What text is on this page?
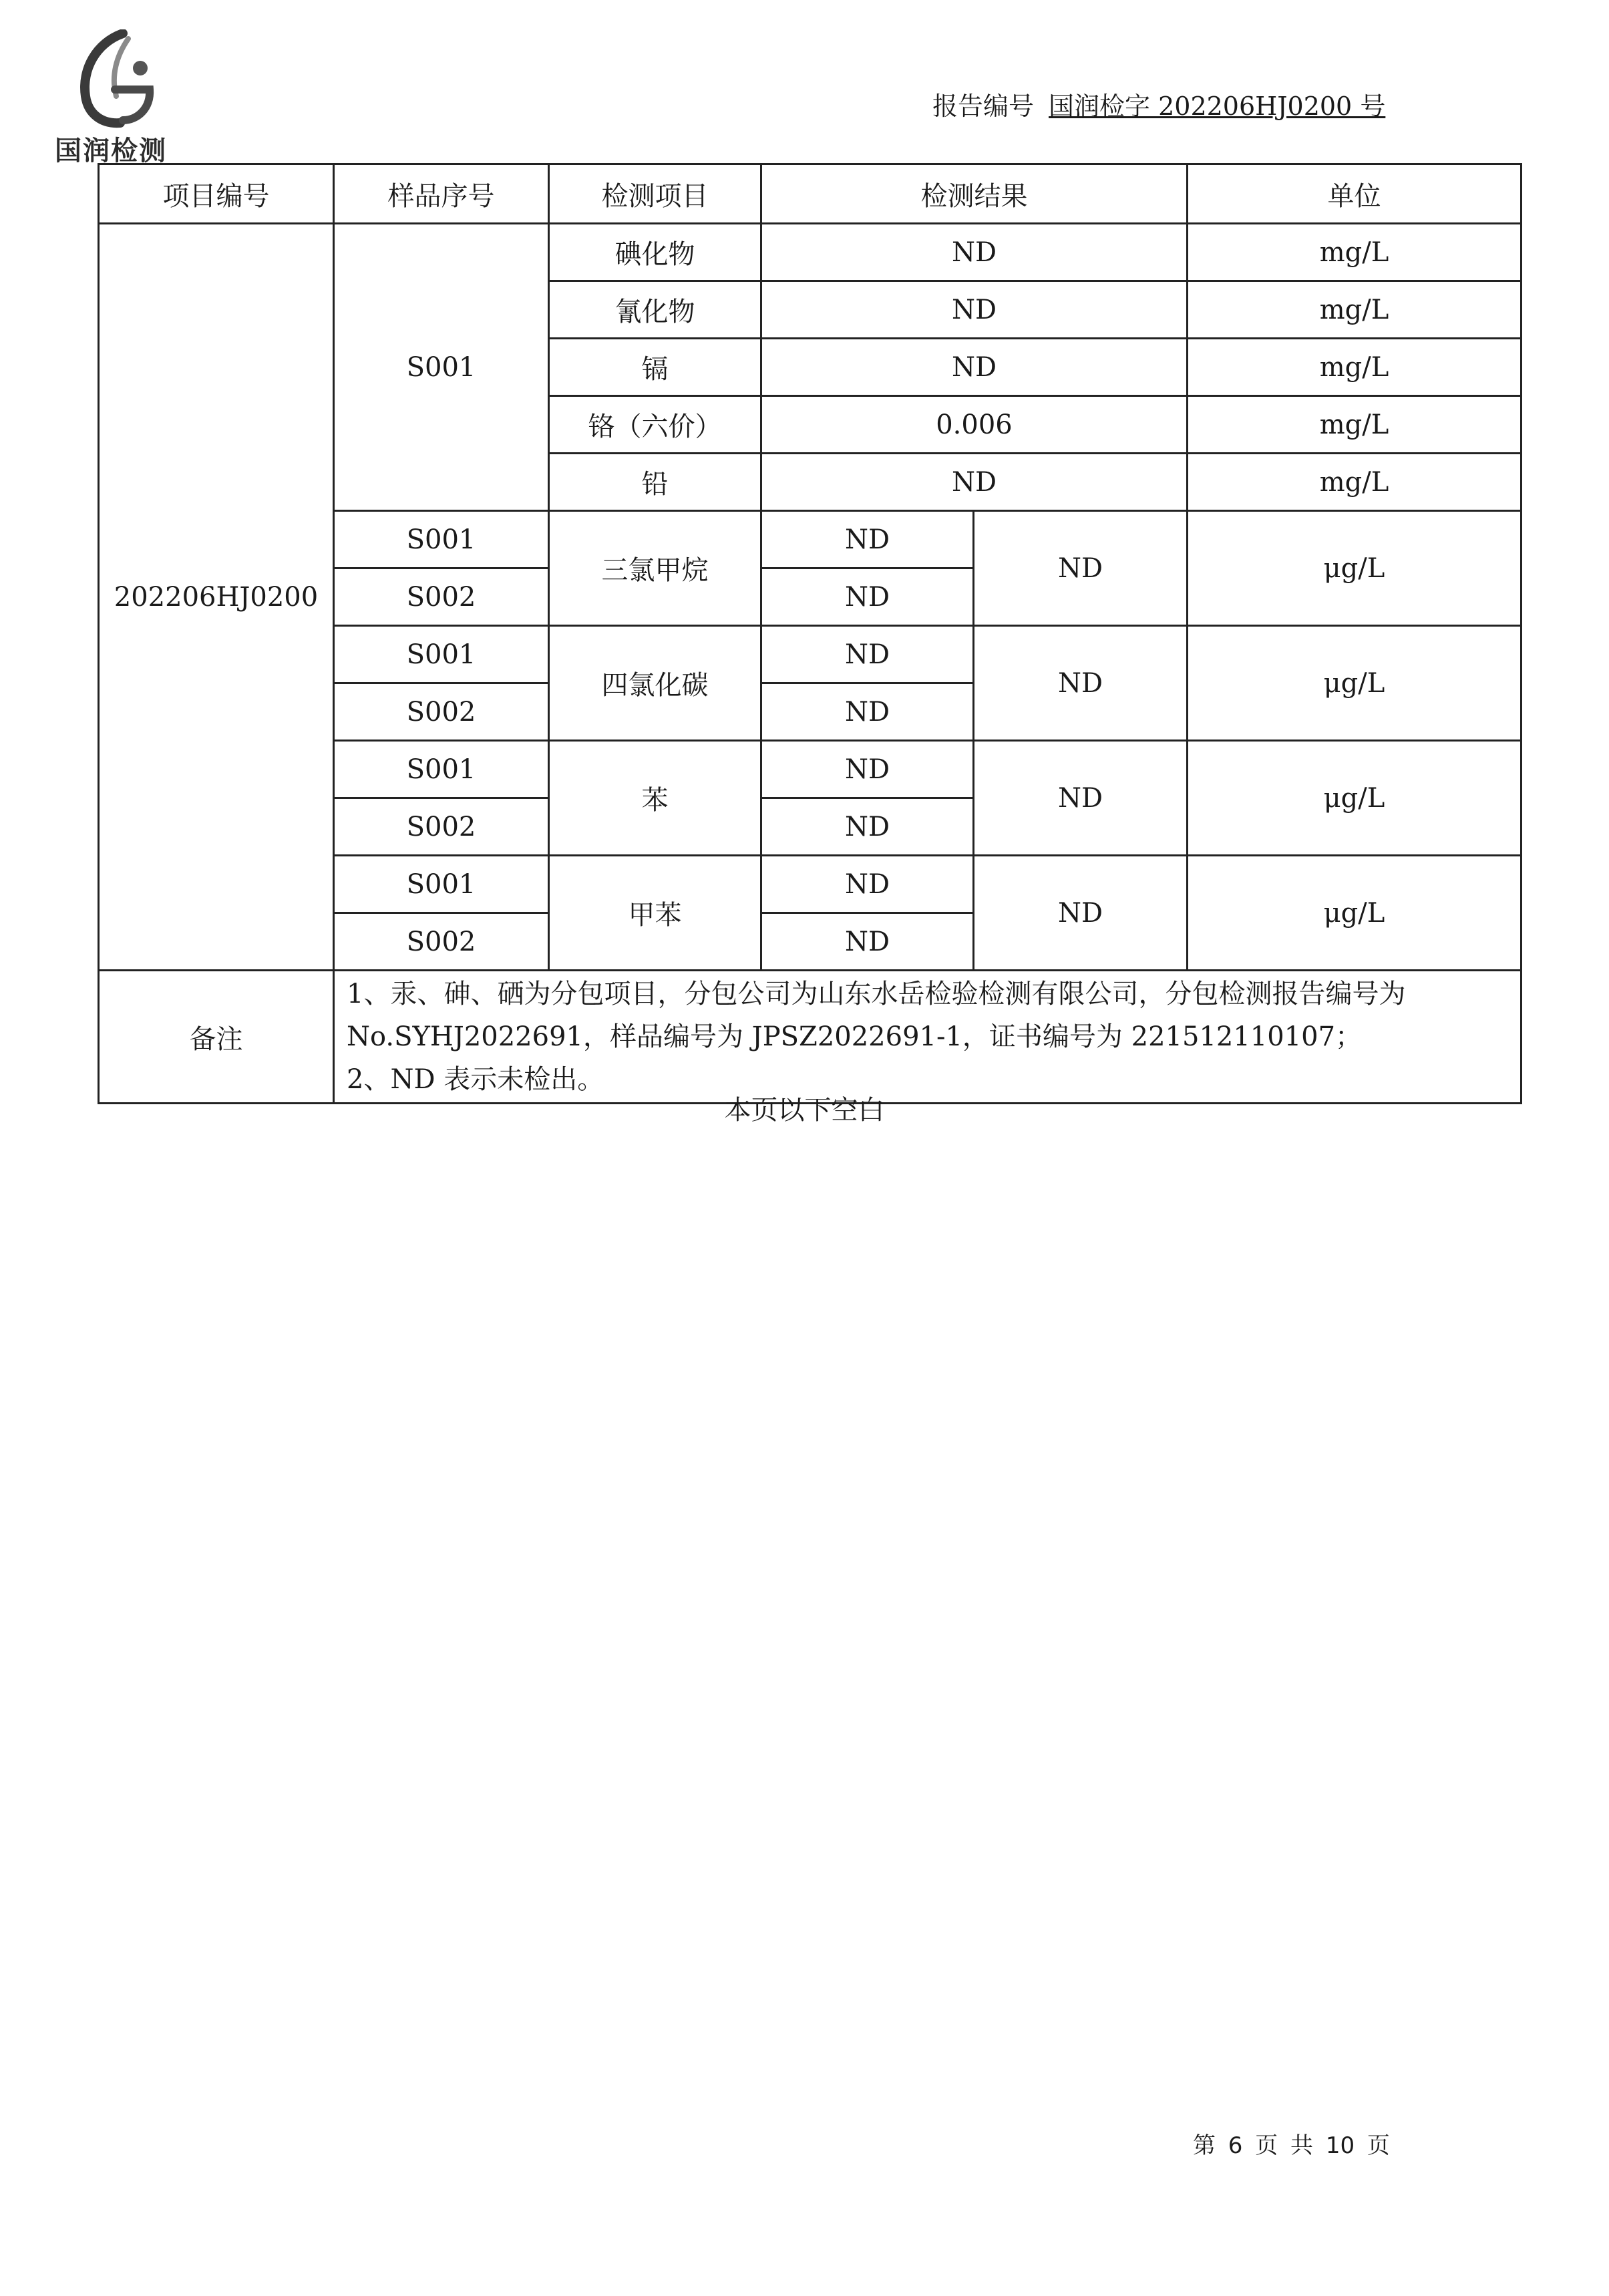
国润检测
报告编号 国润检字 202206HJ0200 号
项目编号	样品序号	检测项目	检测结果		单位
202206HJ0200	S001	碘化物	ND		mg/L
		氰化物	ND		mg/L
		镉	ND		mg/L
		铬（六价）	0.006		mg/L
		铅	ND		mg/L
	S001	三氯甲烷	ND	ND	μg/L
	S002		ND		
	S001	四氯化碳	ND	ND	μg/L
	S002		ND		
	S001	苯	ND	ND	μg/L
	S002		ND		
	S001	甲苯	ND	ND	μg/L
	S002		ND		
备注	1、汞、砷、硒为分包项目，分包公司为山东水岳检验检测有限公司，分包检测报告编号为 No.SYHJ2022691，样品编号为 JPSZ2022691-1，证书编号为 221512110107；
2、ND 表示未检出。				
本页以下空白
第 6 页 共 10 页
